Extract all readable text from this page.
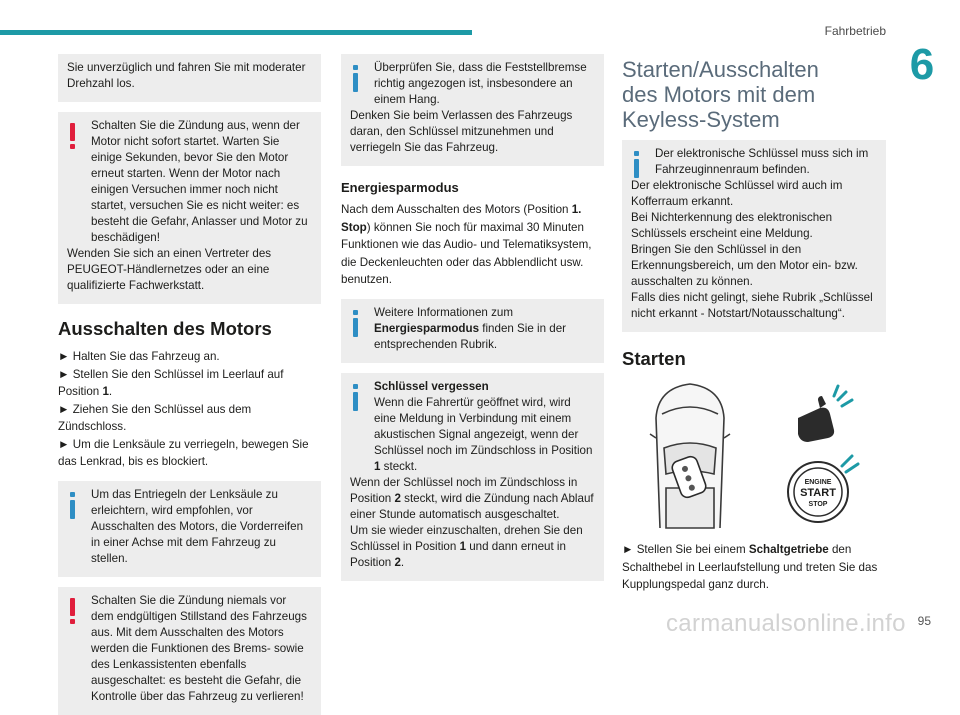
Fahrbetrieb
6

Sie unverzüglich und fahren Sie mit moderater Drehzahl los.

Schalten Sie die Zündung aus, wenn der Motor nicht sofort startet. Warten Sie einige Sekunden, bevor Sie den Motor erneut starten. Wenn der Motor nach einigen Versuchen immer noch nicht startet, versuchen Sie es nicht weiter: es besteht die Gefahr, Anlasser und Motor zu beschädigen!

Wenden Sie sich an einen Vertreter des PEUGEOT-Händlernetzes oder an eine qualifizierte Fachwerkstatt.

Ausschalten des Motors
► Halten Sie das Fahrzeug an.
► Stellen Sie den Schlüssel im Leerlauf auf Position 1.
► Ziehen Sie den Schlüssel aus dem Zündschloss.
► Um die Lenksäule zu verriegeln, bewegen Sie das Lenkrad, bis es blockiert.

Um das Entriegeln der Lenksäule zu erleichtern, wird empfohlen, vor Ausschalten des Motors, die Vorderreifen in einer Achse mit dem Fahrzeug zu stellen.

Schalten Sie die Zündung niemals vor dem endgültigen Stillstand des Fahrzeugs aus. Mit dem Ausschalten des Motors werden die Funktionen des Brems- sowie des Lenkassistenten ebenfalls ausgeschaltet: es besteht die Gefahr, die Kontrolle über das Fahrzeug zu verlieren!

Überprüfen Sie, dass die Feststellbremse richtig angezogen ist, insbesondere an einem Hang.

Denken Sie beim Verlassen des Fahrzeugs daran, den Schlüssel mitzunehmen und verriegeln Sie das Fahrzeug.

Energiesparmodus
Nach dem Ausschalten des Motors (Position 1. Stop) können Sie noch für maximal 30 Minuten Funktionen wie das Audio- und Telematiksystem, die Deckenleuchten oder das Abblendlicht usw. benutzen.

Weitere Informationen zum
Energiesparmodus finden Sie in der entsprechenden Rubrik.

Schlüssel vergessen

Wenn die Fahrertür geöffnet wird, wird eine Meldung in Verbindung mit einem akustischen Signal angezeigt, wenn der Schlüssel noch im Zündschloss in Position 1 steckt.

Wenn der Schlüssel noch im Zündschloss in Position 2 steckt, wird die Zündung nach Ablauf einer Stunde automatisch ausgeschaltet.

Um sie wieder einzuschalten, drehen Sie den Schlüssel in Position 1 und dann erneut in Position 2.

Starten/Ausschalten des Motors mit dem Keyless-System

Der elektronische Schlüssel muss sich im Fahrzeuginnenraum befinden.

Der elektronische Schlüssel wird auch im Kofferraum erkannt.

Bei Nichterkennung des elektronischen Schlüssels erscheint eine Meldung.

Bringen Sie den Schlüssel in den Erkennungsbereich, um den Motor ein- bzw. ausschalten zu können.

Falls dies nicht gelingt, siehe Rubrik „Schlüssel nicht erkannt - Notstart/Notausschaltung“.

Starten
ENGINE
START
STOP
► Stellen Sie bei einem Schaltgetriebe den Schalthebel in Leerlaufstellung und treten Sie das Kupplungspedal ganz durch.
carmanualsonline.info 95
